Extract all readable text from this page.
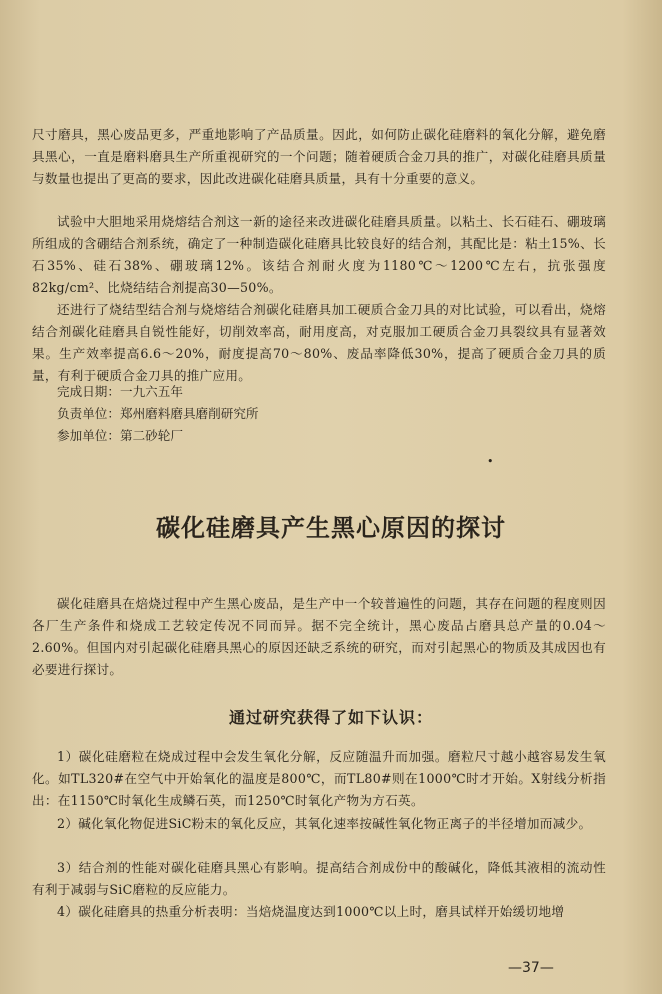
尺寸磨具，黑心废品更多，严重地影响了产品质量。因此，如何防止碳化硅磨料的氧化分解，避免磨具黑心，一直是磨料磨具生产所重视研究的一个问题；随着硬质合金刀具的推广，对碳化硅磨具质量与数量也提出了更高的要求，因此改进碳化硅磨具质量，具有十分重要的意义。

试验中大胆地采用烧熔结合剂这一新的途径来改进碳化硅磨具质量。以粘土、长石硅石、硼玻璃所组成的含硼结合剂系统，确定了一种制造碳化硅磨具比较良好的结合剂，其配比是：粘土15%、长石35%、硅石38%、硼玻璃12%。该结合剂耐火度为1180℃～1200℃左右，抗张强度82kg/cm²、比烧结结合剂提高30—50%。

还进行了烧结型结合剂与烧熔结合剂碳化硅磨具加工硬质合金刀具的对比试验，可以看出，烧熔结合剂碳化硅磨具自锐性能好，切削效率高，耐用度高，对克服加工硬质合金刀具裂纹具有显著效果。生产效率提高6.6～20%，耐度提高70～80%、废品率降低30%，提高了硬质合金刀具的质量，有利于硬质合金刀具的推广应用。

完成日期：一九六五年

负责单位：郑州磨料磨具磨削研究所

参加单位：第二砂轮厂

•
碳化硅磨具产生黑心原因的探讨

碳化硅磨具在焙烧过程中产生黑心废品，是生产中一个较普遍性的问题，其存在问题的程度则因各厂生产条件和烧成工艺较定传况不同而异。据不完全统计，黑心废品占磨具总产量的0.04～2.60%。但国内对引起碳化硅磨具黑心的原因还缺乏系统的研究，而对引起黑心的物质及其成因也有必要进行探讨。

通过研究获得了如下认识：

1）碳化硅磨粒在烧成过程中会发生氧化分解，反应随温升而加强。磨粒尺寸越小越容易发生氧化。如TL320#在空气中开始氧化的温度是800℃，而TL80#则在1000℃时才开始。X射线分析指出：在1150℃时氧化生成鳞石英，而1250℃时氧化产物为方石英。

2）碱化氧化物促进SiC粉末的氧化反应，其氧化速率按碱性氧化物正离子的半径增加而减少。

3）结合剂的性能对碳化硅磨具黑心有影响。提高结合剂成份中的酸碱化，降低其液相的流动性有利于减弱与SiC磨粒的反应能力。

4）碳化硅磨具的热重分析表明：当焙烧温度达到1000℃以上时，磨具试样开始缓切地增

—37—
